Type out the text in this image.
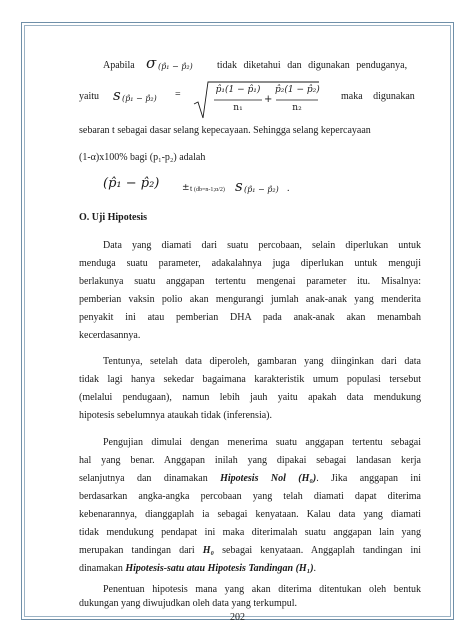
Apabila σ (p̂₁ − p̂₂) tidak diketahui dan digunakan penduganya,
yaitu s (p̂₁ − p̂₂) =	p̂₁(1 − p̂₁)
n₁
+
p̂₂(1 − p̂₂)
n₂
maka digunakan
sebaran t sebagai dasar selang kepecayaan. Sehingga selang kepercayaan
(1-α)x100% bagi (p₁-p₂) adalah
(p̂₁ − p̂₂)	± t (db=n-1;α/2) s (p̂₁ − p̂₂) .
O. Uji Hipotesis
Data yang diamati dari suatu percobaan, selain diperlukan untuk
menduga suatu parameter, adakalahnya juga diperlukan untuk menguji
berlakunya suatu anggapan tertentu mengenai parameter itu. Misalnya:
pemberian vaksin polio akan mengurangi jumlah anak-anak yang menderita
penyakit ini atau pemberian DHA pada anak-anak akan menambah
kecerdasannya.
Tentunya, setelah data diperoleh, gambaran yang diinginkan dari data
tidak lagi hanya sekedar bagaimana karakteristik umum populasi tersebut
(melalui pendugaan), namun lebih jauh yaitu apakah data mendukung
hipotesis sebelumnya ataukah tidak (inferensia).
Pengujian dimulai dengan menerima suatu anggapan tertentu sebagai
hal yang benar. Anggapan inilah yang dipakai sebagai landasan kerja
selanjutnya dan dinamakan Hipotesis Nol (H₀). Jika anggapan ini
berdasarkan angka-angka percobaan yang telah diamati dapat diterima
kebenarannya, dianggaplah ia sebagai kenyataan. Kalau data yang diamati
tidak mendukung pendapat ini maka diterimalah suatu anggapan lain yang
merupakan tandingan dari H₀ sebagai kenyataan. Anggaplah tandingan ini
dinamakan Hipotesis-satu atau Hipotesis Tandingan (H₁).
202
Penentuan hipotesis mana yang akan diterima ditentukan oleh bentuk
dukungan yang diwujudkan oleh data yang terkumpul.
